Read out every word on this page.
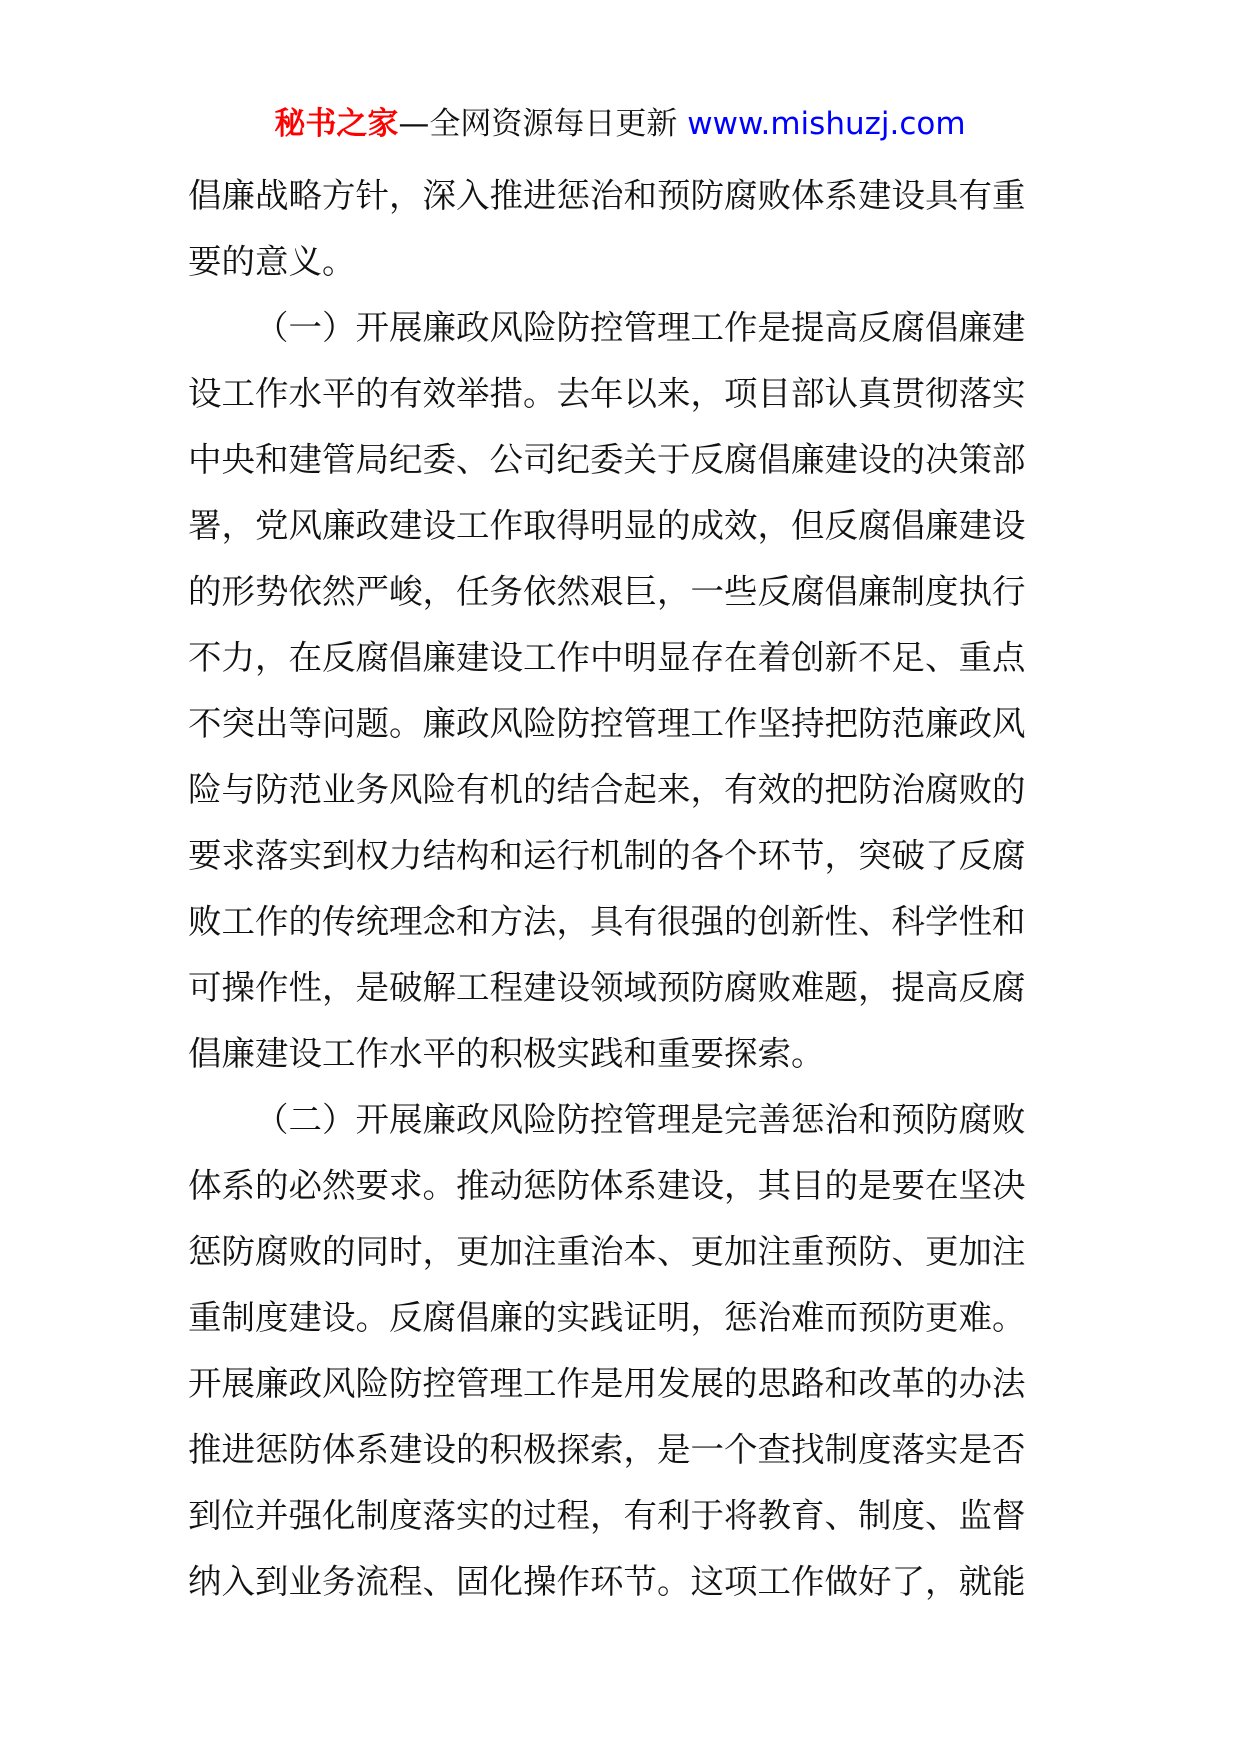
秘书之家—全网资源每日更新 www.mishuzj.com
倡廉战略方针，深入推进惩治和预防腐败体系建设具有重
要的意义。
（一）开展廉政风险防控管理工作是提高反腐倡廉建
设工作水平的有效举措。去年以来，项目部认真贯彻落实
中央和建管局纪委、公司纪委关于反腐倡廉建设的决策部
署，党风廉政建设工作取得明显的成效，但反腐倡廉建设
的形势依然严峻，任务依然艰巨，一些反腐倡廉制度执行
不力，在反腐倡廉建设工作中明显存在着创新不足、重点
不突出等问题。廉政风险防控管理工作坚持把防范廉政风
险与防范业务风险有机的结合起来，有效的把防治腐败的
要求落实到权力结构和运行机制的各个环节，突破了反腐
败工作的传统理念和方法，具有很强的创新性、科学性和
可操作性，是破解工程建设领域预防腐败难题，提高反腐
倡廉建设工作水平的积极实践和重要探索。
（二）开展廉政风险防控管理是完善惩治和预防腐败
体系的必然要求。推动惩防体系建设，其目的是要在坚决
惩防腐败的同时，更加注重治本、更加注重预防、更加注
重制度建设。反腐倡廉的实践证明，惩治难而预防更难。
开展廉政风险防控管理工作是用发展的思路和改革的办法
推进惩防体系建设的积极探索，是一个查找制度落实是否
到位并强化制度落实的过程，有利于将教育、制度、监督
纳入到业务流程、固化操作环节。这项工作做好了，就能
